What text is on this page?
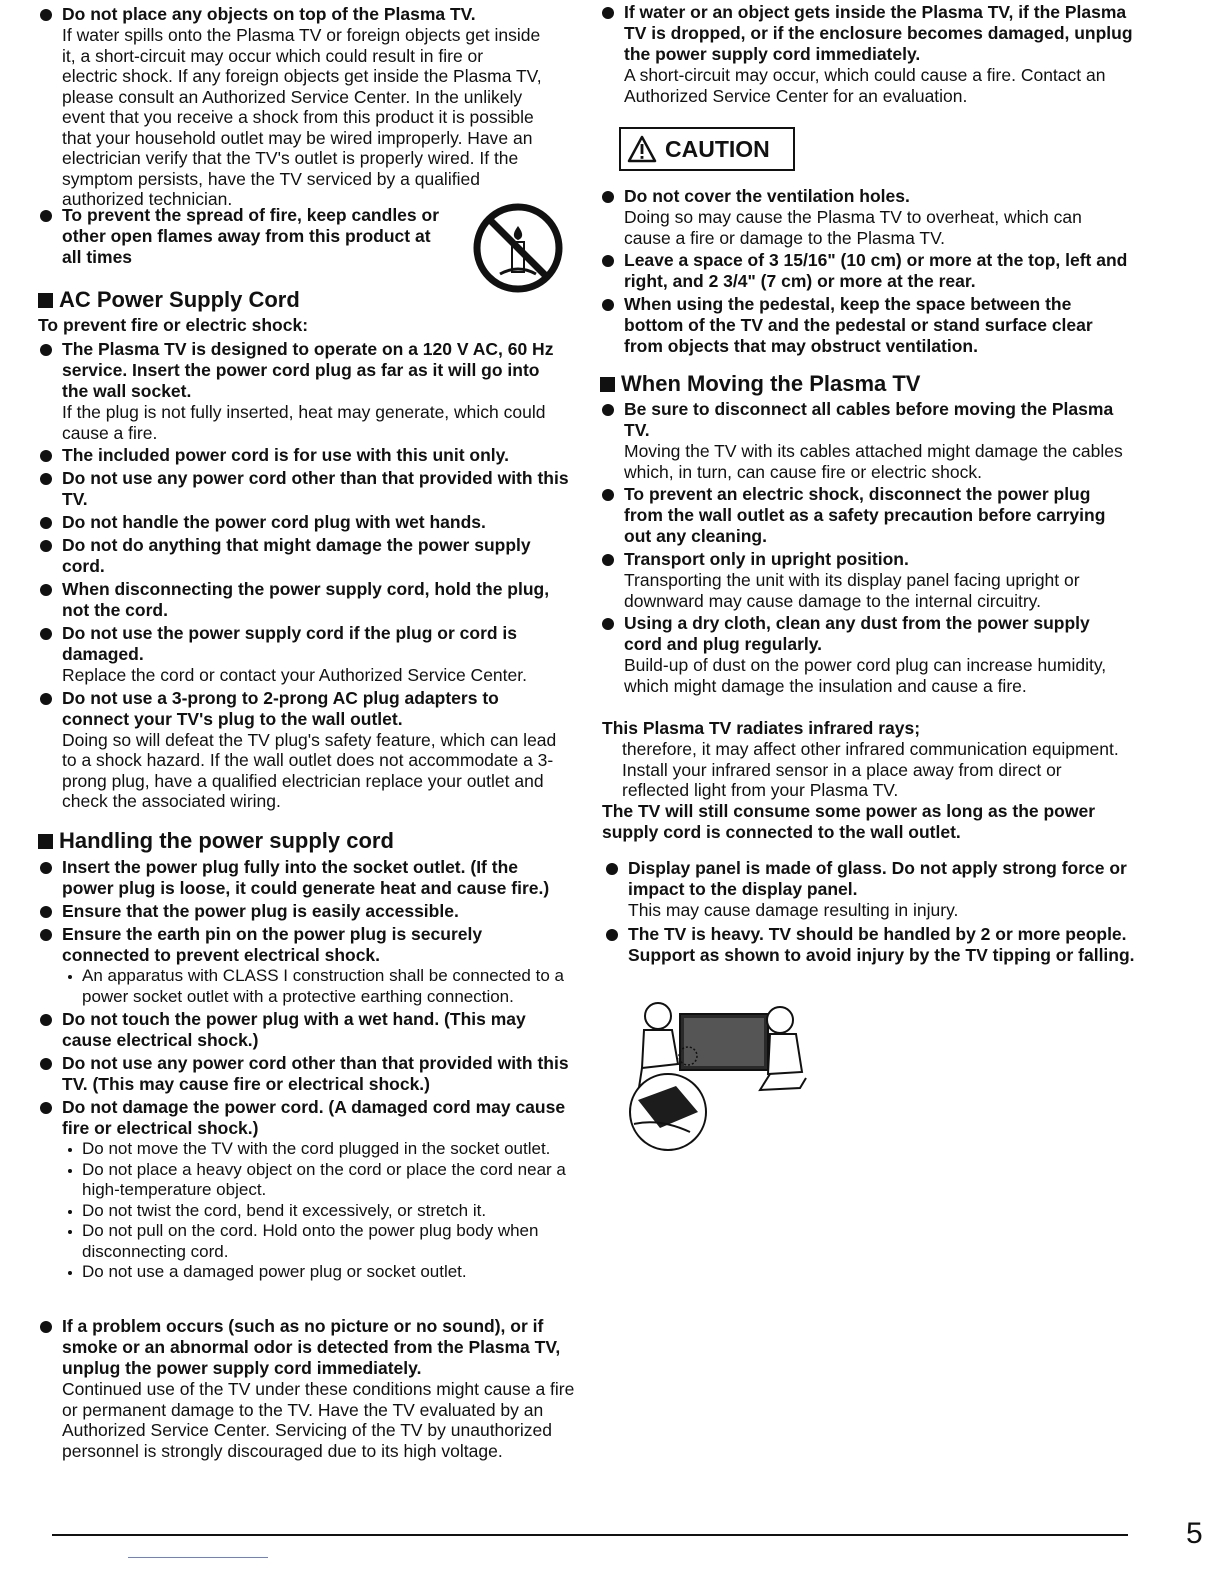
Do not place any objects on top of the Plasma TV.
If water spills onto the Plasma TV or foreign objects get inside it, a short-circuit may occur which could result in fire or electric shock. If any foreign objects get inside the Plasma TV, please consult an Authorized Service Center. In the unlikely event that you receive a shock from this product it is possible that your household outlet may be wired improperly. Have an electrician verify that the TV's outlet is properly wired. If the symptom persists, have the TV serviced by a qualified authorized technician.
To prevent the spread of fire, keep candles or other open flames away from this product at all times
AC Power Supply Cord
To prevent fire or electric shock:
The Plasma TV is designed to operate on a 120 V AC, 60 Hz service. Insert the power cord plug as far as it will go into the wall socket.
If the plug is not fully inserted, heat may generate, which could cause a fire.
The included power cord is for use with this unit only.
Do not use any power cord other than that provided with this TV.
Do not handle the power cord plug with wet hands.
Do not do anything that might damage the power supply cord.
When disconnecting the power supply cord, hold the plug, not the cord.
Do not use the power supply cord if the plug or cord is damaged.
Replace the cord or contact your Authorized Service Center.
Do not use a 3-prong to 2-prong AC plug adapters to connect your TV's plug to the wall outlet.
Doing so will defeat the TV plug's safety feature, which can lead to a shock hazard. If the wall outlet does not accommodate a 3-prong plug, have a qualified electrician replace your outlet and check the associated wiring.
Handling the power supply cord
Insert the power plug fully into the socket outlet. (If the power plug is loose, it could generate heat and cause fire.)
Ensure that the power plug is easily accessible.
Ensure the earth pin on the power plug is securely connected to prevent electrical shock.
An apparatus with CLASS I construction shall be connected to a power socket outlet with a protective earthing connection.
Do not touch the power plug with a wet hand. (This may cause electrical shock.)
Do not use any power cord other than that provided with this TV. (This may cause fire or electrical shock.)
Do not damage the power cord. (A damaged cord may cause fire or electrical shock.)
Do not move the TV with the cord plugged in the socket outlet.
Do not place a heavy object on the cord or place the cord near a high-temperature object.
Do not twist the cord, bend it excessively, or stretch it.
Do not pull on the cord. Hold onto the power plug body when disconnecting cord.
Do not use a damaged power plug or socket outlet.
If a problem occurs (such as no picture or no sound), or if smoke or an abnormal odor is detected from the Plasma TV, unplug the power supply cord immediately.
Continued use of the TV under these conditions might cause a fire or permanent damage to the TV. Have the TV evaluated by an Authorized Service Center. Servicing of the TV by unauthorized personnel is strongly discouraged due to its high voltage.
If water or an object gets inside the Plasma TV, if the Plasma TV is dropped, or if the enclosure becomes damaged, unplug the power supply cord immediately.
A short-circuit may occur, which could cause a fire. Contact an Authorized Service Center for an evaluation.
Do not cover the ventilation holes.
Doing so may cause the Plasma TV to overheat, which can cause a fire or damage to the Plasma TV.
Leave a space of 3 15/16" (10 cm) or more at the top, left and right, and 2 3/4" (7 cm) or more at the rear.
When using the pedestal, keep the space between the bottom of the TV and the pedestal or stand surface clear from objects that may obstruct ventilation.
When Moving the Plasma TV
Be sure to disconnect all cables before moving the Plasma TV.
Moving the TV with its cables attached might damage the cables which, in turn, can cause fire or electric shock.
To prevent an electric shock, disconnect the power plug from the wall outlet as a safety precaution before carrying out any cleaning.
Transport only in upright position.
Transporting the unit with its display panel facing upright or downward may cause damage to the internal circuitry.
Using a dry cloth, clean any dust from the power supply cord and plug regularly.
Build-up of dust on the power cord plug can increase humidity, which might damage the insulation and cause a fire.
This Plasma TV radiates infrared rays;
therefore, it may affect other infrared communication equipment. Install your infrared sensor in a place away from direct or reflected light from your Plasma TV.
The TV will still consume some power as long as the power supply cord is connected to the wall outlet.
Display panel is made of glass. Do not apply strong force or impact to the display panel.
This may cause damage resulting in injury.
The TV is heavy. TV should be handled by 2 or more people. Support as shown to avoid injury by the TV tipping or falling.
CAUTION
5
